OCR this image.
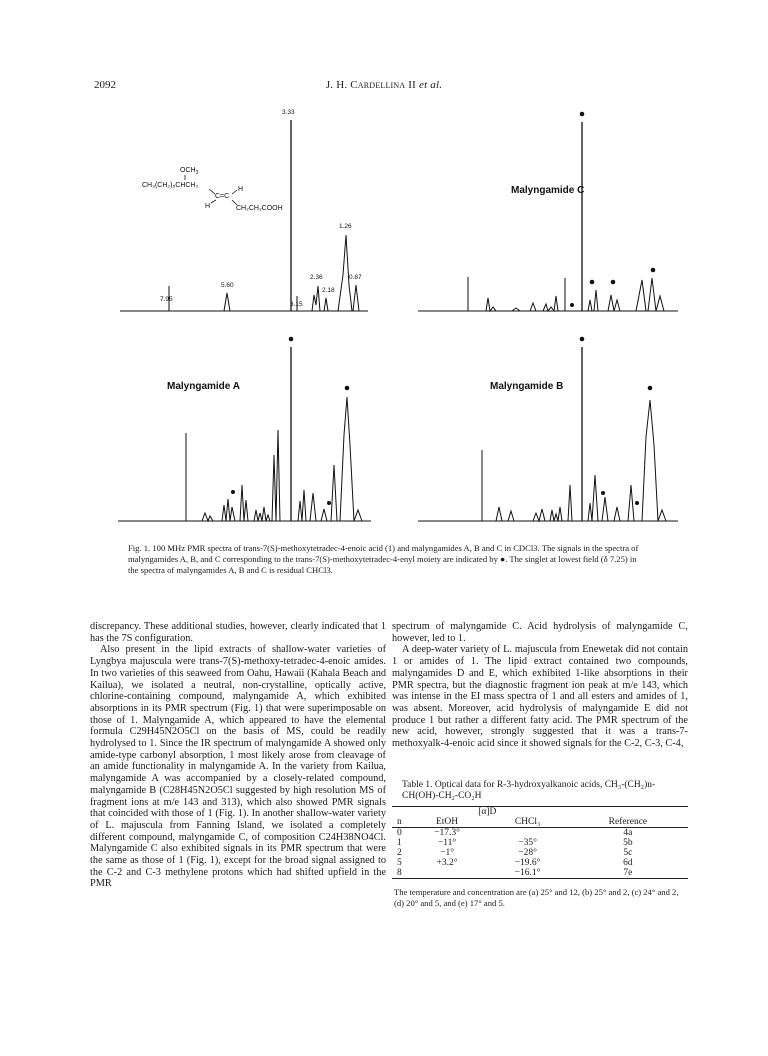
2092	J. H. Cardellina II et al.
3.33
1.26
5.60
7.95
2.36	0.87
2.18
3.15
$OCH_3$
CH₃(CH₂)₅CHCH₂
C=C
H
H	CH₂CH₂COOH
Malyngamide C
Malyngamide A	Malyngamide B
Fig. 1. 100 MHz PMR spectra of trans-7(S)-methoxytetradec-4-enoic acid (1) and malyngamides A, B and C in CDCl3. The signals in the spectra of malyngamides A, B, and C corresponding to the trans-7(S)-methoxytetradec-4-enyl moiety are indicated by ●. The singlet at lowest field (δ 7.25) in the spectra of malyngamides A, B and C is residual CHCl3.

discrepancy. These additional studies, however, clearly indicated that 1 has the 7S configuration.

Also present in the lipid extracts of shallow-water varieties of Lyngbya majuscula were trans-7(S)-methoxy-tetradec-4-enoic amides. In two varieties of this seaweed from Oahu, Hawaii (Kahala Beach and Kailua), we isolated a neutral, non-crystalline, optically active, chlorine-containing compound, malyngamide A, which exhibited absorptions in its PMR spectrum (Fig. 1) that were superimposable on those of 1. Malyngamide A, which appeared to have the elemental formula C29H45N2O5Cl on the basis of MS, could be readily hydrolysed to 1. Since the IR spectrum of malyngamide A showed only amide-type carbonyl absorption, 1 most likely arose from cleavage of an amide functionality in malyngamide A. In the variety from Kailua, malyngamide A was accompanied by a closely-related compound, malyngamide B (C28H45N2O5Cl suggested by high resolution MS of fragment ions at m/e 143 and 313), which also showed PMR signals that coincided with those of 1 (Fig. 1). In another shallow-water variety of L. majuscula from Fanning Island, we isolated a completely different compound, malyngamide C, of composition C24H38NO4Cl. Malyngamide C also exhibited signals in its PMR spectrum that were the same as those of 1 (Fig. 1), except for the broad signal assigned to the C-2 and C-3 methylene protons which had shifted upfield in the PMR

spectrum of malyngamide C. Acid hydrolysis of malyngamide C, however, led to 1.

A deep-water variety of L. majuscula from Enewetak did not contain 1 or amides of 1. The lipid extract contained two compounds, malyngamides D and E, which exhibited 1-like absorptions in their PMR spectra, but the diagnostic fragment ion peak at m/e 143, which was intense in the EI mass spectra of 1 and all esters and amides of 1, was absent. Moreover, acid hydrolysis of malyngamide E did not produce 1 but rather a different fatty acid. The PMR spectrum of the new acid, however, strongly suggested that it was a trans-7-methoxyalk-4-enoic acid since it showed signals for the C-2, C-3, C-4,

Table 1. Optical data for R-3-hydroxyalkanoic acids, CH₃-(CH₂)n-CH(OH)-CH₂-CO₂H
	[α]D		
n	EtOH	CHCl₃	Reference
0	−17.3°		4a
1	−11°	−35°	5b
2	−1°	−28°	5c
5	+3.2°	−19.6°	6d
8		−16.1°	7e

The temperature and concentration are (a) 25° and 12, (b) 25° and 2, (c) 24° and 2, (d) 20° and 5, and (e) 17° and 5.
